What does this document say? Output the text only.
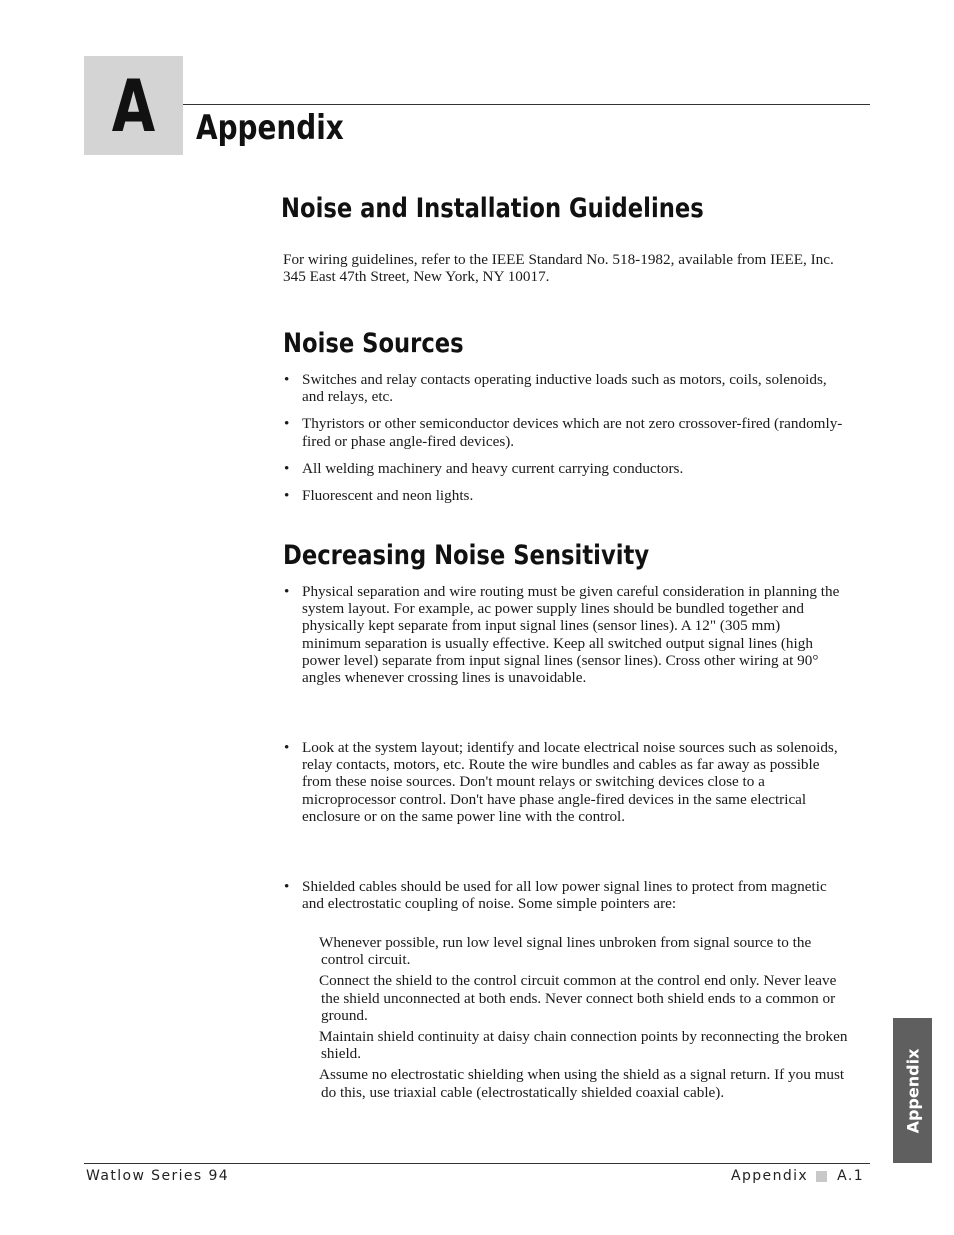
A	Appendix
Noise and Installation Guidelines

For wiring guidelines, refer to the IEEE Standard No. 518-1982, available from IEEE, Inc. 345 East 47th Street, New York, NY 10017.

Noise Sources
• Switches and relay contacts operating inductive loads such as motors, coils, solenoids, and relays, etc.
• Thyristors or other semiconductor devices which are not zero crossover-fired (randomly-fired or phase angle-fired devices).
• All welding machinery and heavy current carrying conductors.
• Fluorescent and neon lights.
Decreasing Noise Sensitivity
• Physical separation and wire routing must be given careful consideration in planning the system layout. For example, ac power supply lines should be bundled together and physically kept separate from input signal lines (sensor lines). A 12" (305 mm) minimum separation is usually effective. Keep all switched output signal lines (high power level) separate from input signal lines (sensor lines). Cross other wiring at 90° angles whenever crossing lines is unavoidable.
• Look at the system layout; identify and locate electrical noise sources such as solenoids, relay contacts, motors, etc. Route the wire bundles and cables as far away as possible from these noise sources. Don't mount relays or switching devices close to a microprocessor control. Don't have phase angle-fired devices in the same electrical enclosure or on the same power line with the control.
• Shielded cables should be used for all low power signal lines to protect from magnetic and electrostatic coupling of noise. Some simple pointers are:
Whenever possible, run low level signal lines unbroken from signal source to the control circuit.
Connect the shield to the control circuit common at the control end only. Never leave the shield unconnected at both ends. Never connect both shield ends to a common or ground.
Maintain shield continuity at daisy chain connection points by reconnecting the broken shield.
Assume no electrostatic shielding when using the shield as a signal return. If you must do this, use triaxial cable (electrostatically shielded coaxial cable).	Appendix
Watlow Series 94	Appendix A.1
